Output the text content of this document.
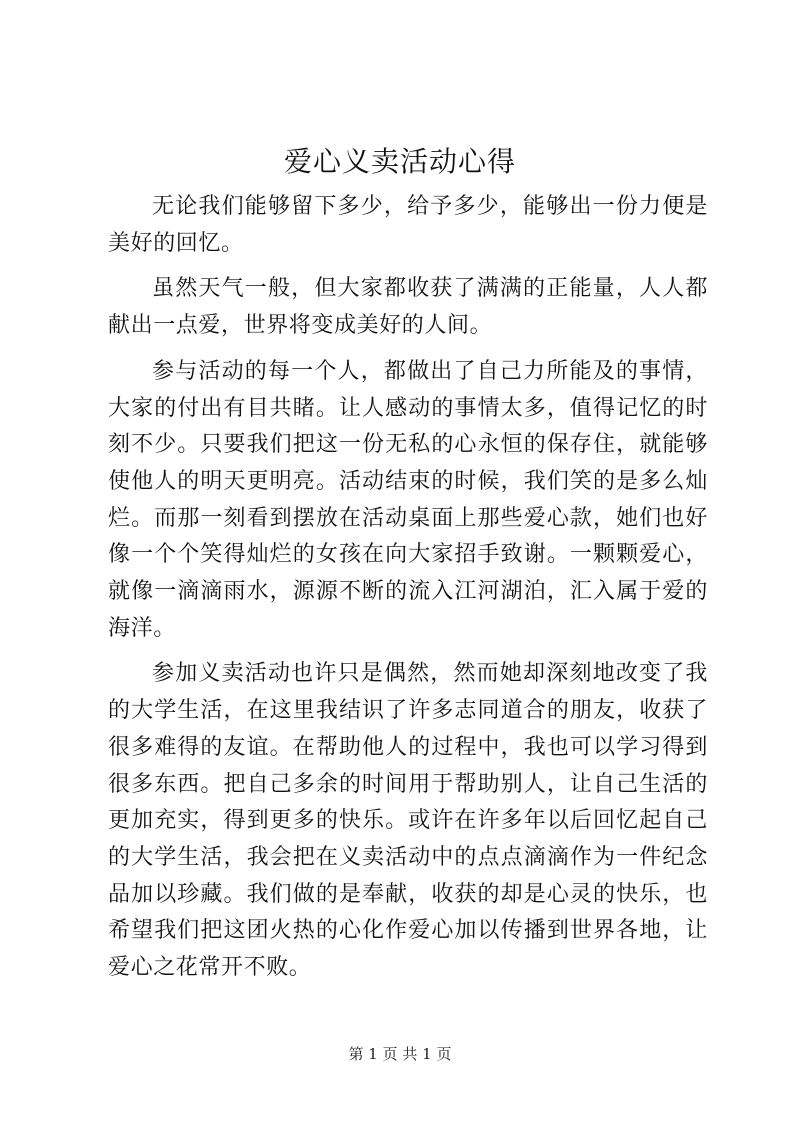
爱心义卖活动心得

无论我们能够留下多少，给予多少，能够出一份力便是美好的回忆。

虽然天气一般，但大家都收获了满满的正能量，人人都献出一点爱，世界将变成美好的人间。

参与活动的每一个人，都做出了自己力所能及的事情，大家的付出有目共睹。让人感动的事情太多，值得记忆的时刻不少。只要我们把这一份无私的心永恒的保存住，就能够使他人的明天更明亮。活动结束的时候，我们笑的是多么灿烂。而那一刻看到摆放在活动桌面上那些爱心款，她们也好像一个个笑得灿烂的女孩在向大家招手致谢。一颗颗爱心，就像一滴滴雨水，源源不断的流入江河湖泊，汇入属于爱的海洋。

参加义卖活动也许只是偶然，然而她却深刻地改变了我的大学生活，在这里我结识了许多志同道合的朋友，收获了很多难得的友谊。在帮助他人的过程中，我也可以学习得到很多东西。把自己多余的时间用于帮助别人，让自己生活的更加充实，得到更多的快乐。或许在许多年以后回忆起自己的大学生活，我会把在义卖活动中的点点滴滴作为一件纪念品加以珍藏。我们做的是奉献，收获的却是心灵的快乐，也希望我们把这团火热的心化作爱心加以传播到世界各地，让爱心之花常开不败。

第 1 页 共 1 页
